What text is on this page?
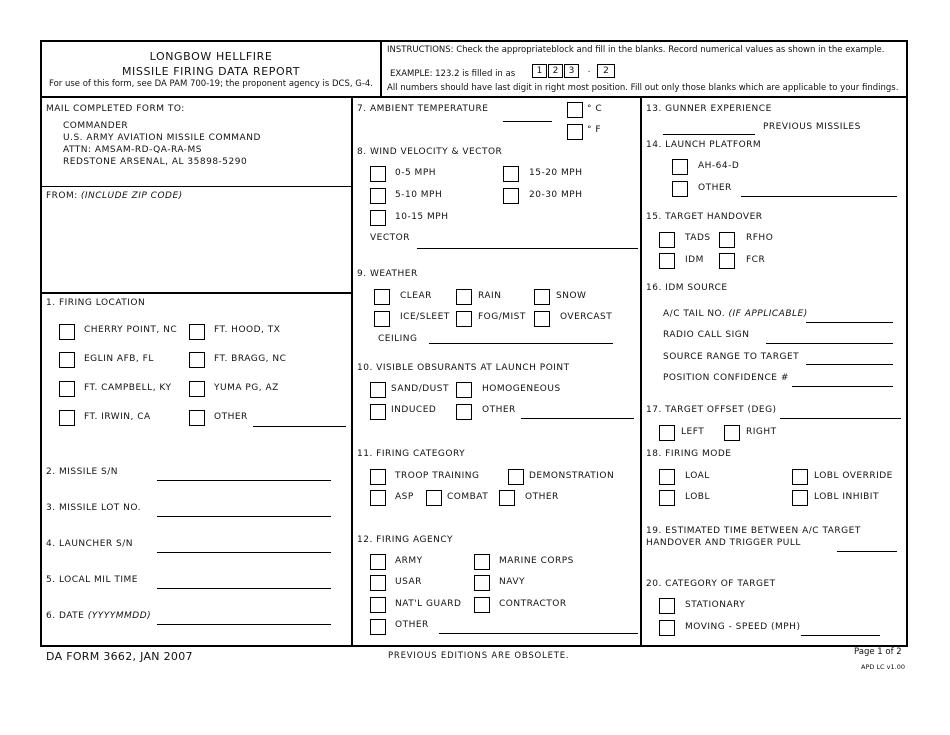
LONGBOW HELLFIRE
MISSILE FIRING DATA REPORT
For use of this form, see DA PAM 700-19; the proponent agency is DCS, G-4.
INSTRUCTIONS: Check the appropriateblock and fill in the blanks. Record numerical values as shown in the example.
EXAMPLE: 123.2 is filled in as	1	2	3	.	2
All numbers should have last digit in right most position. Fill out only those blanks which are applicable to your findings.
MAIL COMPLETED FORM TO:
COMMANDER
U.S. ARMY AVIATION MISSILE COMMAND
ATTN: AMSAM-RD-QA-RA-MS
REDSTONE ARSENAL, AL 35898-5290
FROM: (INCLUDE ZIP CODE)
1. FIRING LOCATION
CHERRY POINT, NC	FT. HOOD, TX
EGLIN AFB, FL	FT. BRAGG, NC
FT. CAMPBELL, KY	YUMA PG, AZ
FT. IRWIN, CA	OTHER
2. MISSILE S/N
3. MISSILE LOT NO.
4. LAUNCHER S/N
5. LOCAL MIL TIME
6. DATE (YYYYMMDD)
7. AMBIENT TEMPERATURE	° C
° F
8. WIND VELOCITY & VECTOR
0-5 MPH	15-20 MPH
5-10 MPH	20-30 MPH
10-15 MPH
VECTOR
9. WEATHER
CLEAR	RAIN	SNOW
ICE/SLEET	FOG/MIST	OVERCAST
CEILING
10. VISIBLE OBSURANTS AT LAUNCH POINT
SAND/DUST	HOMOGENEOUS
INDUCED	OTHER
11. FIRING CATEGORY
TROOP TRAINING	DEMONSTRATION
ASP	COMBAT	OTHER
12. FIRING AGENCY
ARMY	MARINE CORPS
USAR	NAVY
NAT'L GUARD	CONTRACTOR
OTHER
13. GUNNER EXPERIENCE
PREVIOUS MISSILES
14. LAUNCH PLATFORM
AH-64-D
OTHER
15. TARGET HANDOVER
TADS	RFHO
IDM	FCR
16. IDM SOURCE
A/C TAIL NO. (IF APPLICABLE)
RADIO CALL SIGN
SOURCE RANGE TO TARGET
POSITION CONFIDENCE #
17. TARGET OFFSET (DEG)
LEFT	RIGHT
18. FIRING MODE
LOAL	LOBL OVERRIDE
LOBL	LOBL INHIBIT
19. ESTIMATED TIME BETWEEN A/C TARGET
HANDOVER AND TRIGGER PULL
20. CATEGORY OF TARGET
STATIONARY
MOVING - SPEED (MPH)
DA FORM 3662, JAN 2007	PREVIOUS EDITIONS ARE OBSOLETE.	Page 1 of 2
APD LC v1.00
